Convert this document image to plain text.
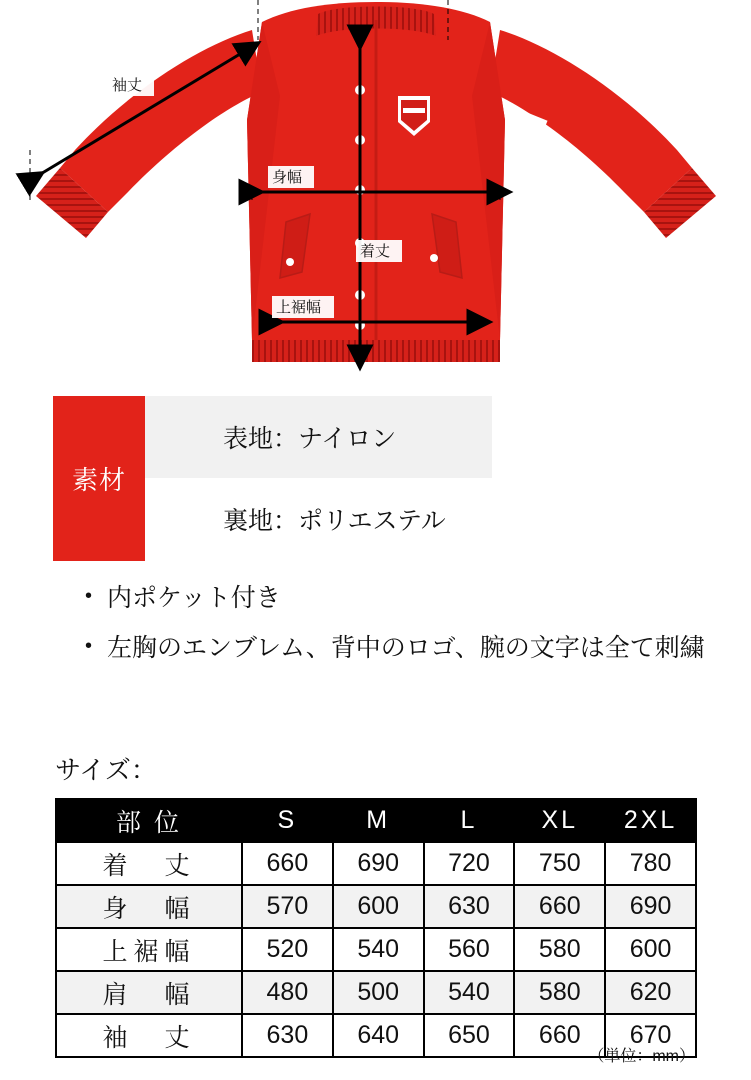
袖丈
身幅
上裾幅
着丈
素材
表地：ナイロン
裏地：ポリエステル
• 内ポケット付き
• 左胸のエンブレム、背中のロゴ、腕の文字は全て刺繍
サイズ：
部 位	S	M	L	XL	2XL
着　丈	660	690	720	750	780
身　幅	570	600	630	660	690
上裾幅	520	540	560	580	600
肩　幅	480	500	540	580	620
袖　丈	630	640	650	660	670
（単位：mm）
